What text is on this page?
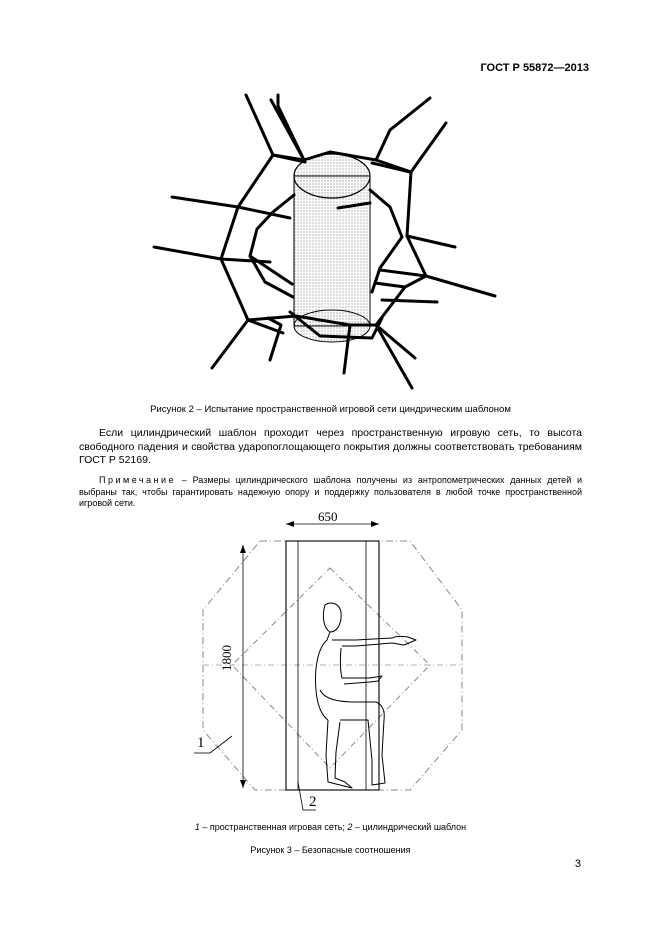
ГОСТ Р 55872—2013
Рисунок 2 – Испытание пространственной игровой сети циндрическим шаблоном
Если цилиндрический шаблон проходит через пространственную игровую сеть, то высота свободного падения и свойства ударопоглощающего покрытия должны соответствовать требованиям ГОСТ Р 52169.
Примечание – Размеры цилиндрического шаблона получены из антропометрических данных детей и выбраны так, чтобы гарантировать надежную опору и поддержку пользователя в любой точке пространственной игровой сети.
650
1800
1
2
1 – пространственная игровая сеть; 2 – цилиндрический шаблон
Рисунок 3 – Безопасные соотношения
3
